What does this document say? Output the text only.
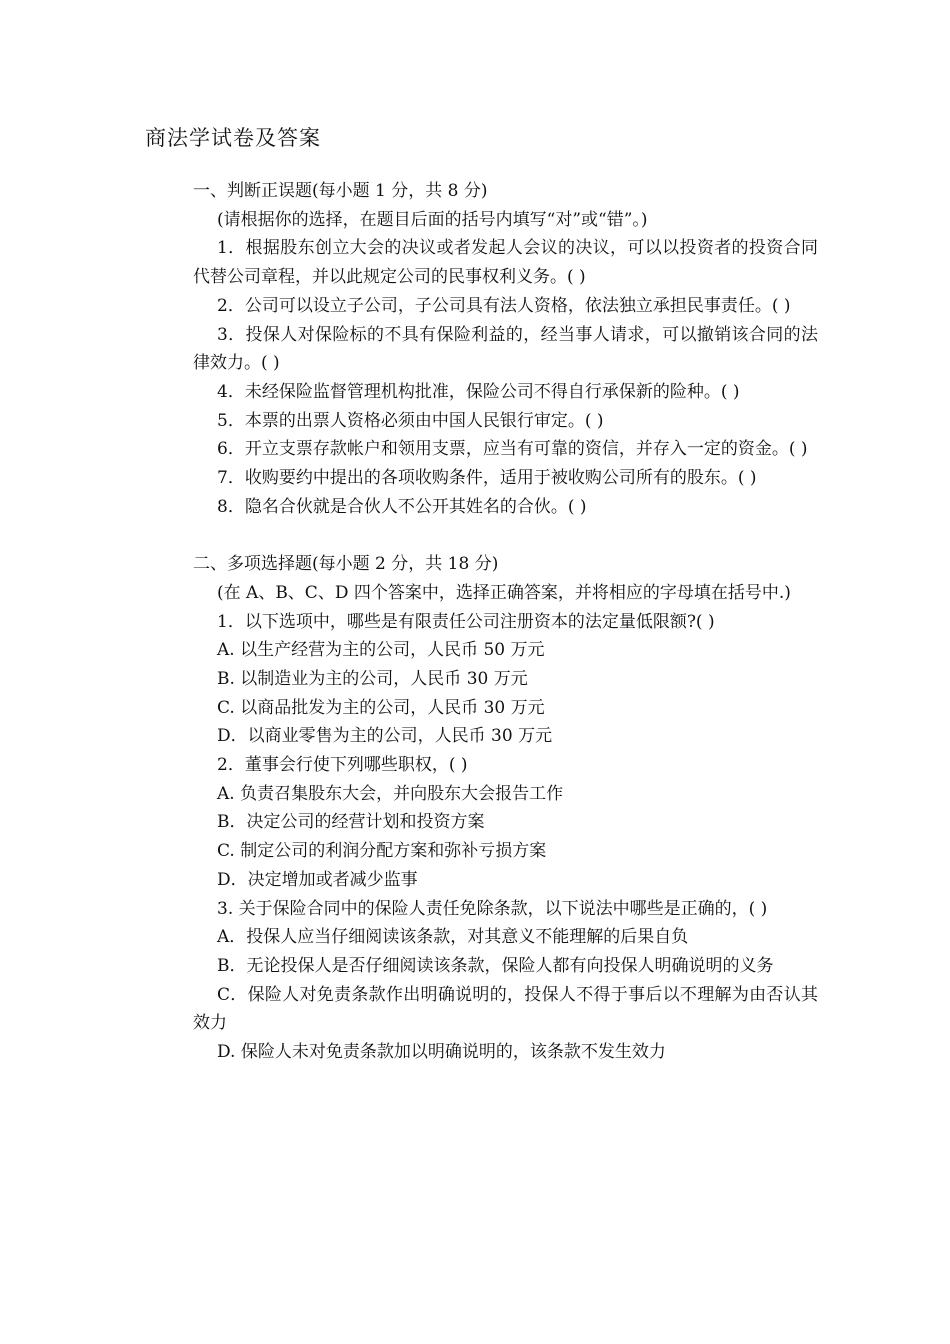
商法学试卷及答案

一、判断正误题(每小题 1 分，共 8 分)

(请根据你的选择，在题目后面的括号内填写“对”或“错”。)

1．根据股东创立大会的决议或者发起人会议的决议，可以以投资者的投资合同代替公司章程，并以此规定公司的民事权利义务。( )

2．公司可以设立子公司，子公司具有法人资格，依法独立承担民事责任。( )

3．投保人对保险标的不具有保险利益的，经当事人请求，可以撤销该合同的法律效力。( )

4．未经保险监督管理机构批准，保险公司不得自行承保新的险种。( )

5．本票的出票人资格必须由中国人民银行审定。( )

6．开立支票存款帐户和领用支票，应当有可靠的资信，并存入一定的资金。( )

7．收购要约中提出的各项收购条件，适用于被收购公司所有的股东。( )

8．隐名合伙就是合伙人不公开其姓名的合伙。( )

二、多项选择题(每小题 2 分，共 18 分)

(在 A、B、C、D 四个答案中，选择正确答案，并将相应的字母填在括号中.)

1．以下选项中，哪些是有限责任公司注册资本的法定量低限额?( )

A. 以生产经营为主的公司，人民币 50 万元

B. 以制造业为主的公司，人民币 30 万元

C. 以商品批发为主的公司，人民币 30 万元

D．以商业零售为主的公司，人民币 30 万元

2．董事会行使下列哪些职权，( )

A. 负责召集股东大会，并向股东大会报告工作

B．决定公司的经营计划和投资方案

C. 制定公司的利润分配方案和弥补亏损方案

D．决定增加或者减少监事

3. 关于保险合同中的保险人责任免除条款，以下说法中哪些是正确的，( )

A．投保人应当仔细阅读该条款，对其意义不能理解的后果自负

B．无论投保人是否仔细阅读该条款，保险人都有向投保人明确说明的义务

C．保险人对免责条款作出明确说明的，投保人不得于事后以不理解为由否认其效力

D. 保险人未对免责条款加以明确说明的，该条款不发生效力
